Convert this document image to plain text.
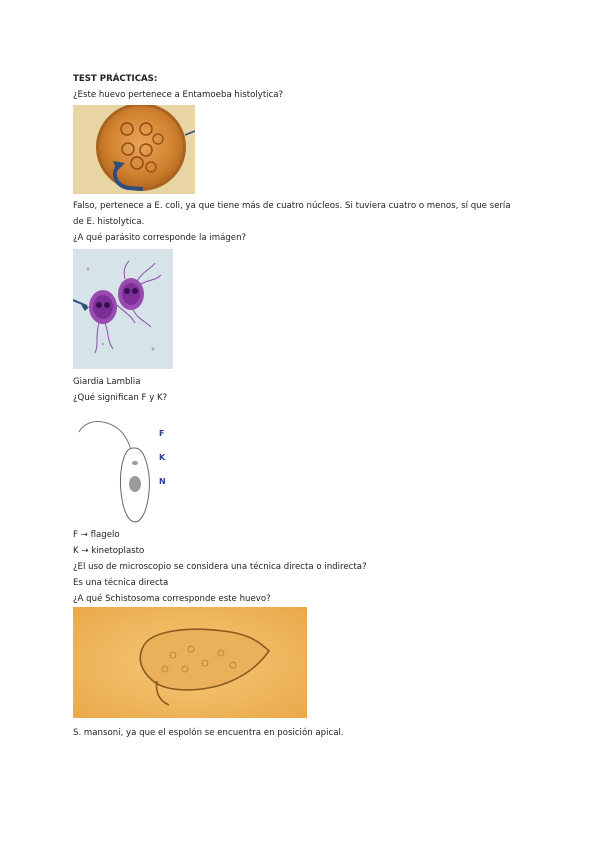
TEST PRÁCTICAS:
¿Este huevo pertenece a Entamoeba histolytica?
Falso, pertenece a E. coli, ya que tiene más de cuatro núcleos. Si tuviera cuatro o menos, sí que sería
de E. histolytica.
¿A qué parásito corresponde la imágen?
Giardia Lamblia
¿Qué significan F y K?
F
K
N
F → flagelo
K → kinetoplasto
¿El uso de microscopio se considera una técnica directa o indirecta?
Es una técnica directa
¿A qué Schistosoma corresponde este huevo?
S. mansoni, ya que el espolón se encuentra en posición apical.
